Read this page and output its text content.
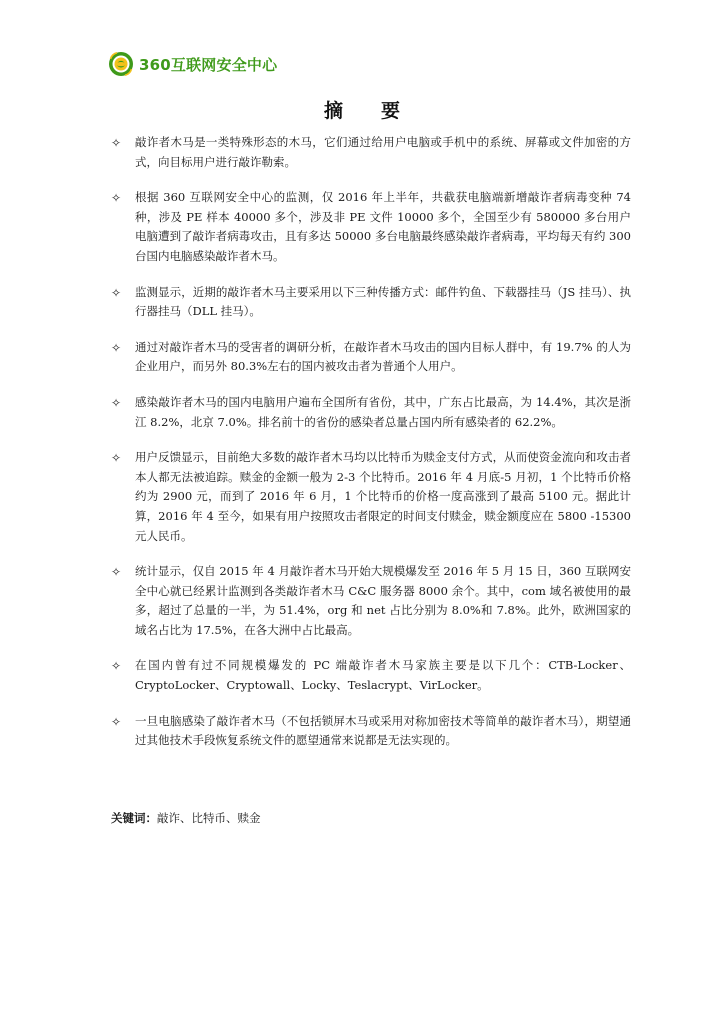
360互联网安全中心
摘要
✧	敲诈者木马是一类特殊形态的木马，它们通过给用户电脑或手机中的系统、屏幕或文件加密的方式，向目标用户进行敲诈勒索。
✧	根据 360 互联网安全中心的监测，仅 2016 年上半年，共截获电脑端新增敲诈者病毒变种 74 种，涉及 PE 样本 40000 多个，涉及非 PE 文件 10000 多个，全国至少有 580000 多台用户电脑遭到了敲诈者病毒攻击，且有多达 50000 多台电脑最终感染敲诈者病毒，平均每天有约 300 台国内电脑感染敲诈者木马。
✧	监测显示，近期的敲诈者木马主要采用以下三种传播方式：邮件钓鱼、下载器挂马（JS 挂马）、执行器挂马（DLL 挂马）。
✧	通过对敲诈者木马的受害者的调研分析，在敲诈者木马攻击的国内目标人群中，有 19.7% 的人为企业用户，而另外 80.3%左右的国内被攻击者为普通个人用户。
✧	感染敲诈者木马的国内电脑用户遍布全国所有省份，其中，广东占比最高，为 14.4%，其次是浙江 8.2%，北京 7.0%。排名前十的省份的感染者总量占国内所有感染者的 62.2%。
✧	用户反馈显示，目前绝大多数的敲诈者木马均以比特币为赎金支付方式，从而使资金流向和攻击者本人都无法被追踪。赎金的金额一般为 2-3 个比特币。2016 年 4 月底-5 月初，1 个比特币价格约为 2900 元，而到了 2016 年 6 月，1 个比特币的价格一度高涨到了最高 5100 元。据此计算，2016 年 4 至今，如果有用户按照攻击者限定的时间支付赎金，赎金额度应在 5800 -15300 元人民币。
✧	统计显示，仅自 2015 年 4 月敲诈者木马开始大规模爆发至 2016 年 5 月 15 日，360 互联网安全中心就已经累计监测到各类敲诈者木马 C&C 服务器 8000 余个。其中，com 域名被使用的最多，超过了总量的一半，为 51.4%，org 和 net 占比分别为 8.0%和 7.8%。此外，欧洲国家的域名占比为 17.5%，在各大洲中占比最高。
✧	在国内曾有过不同规模爆发的 PC 端敲诈者木马家族主要是以下几个：CTB-Locker、CryptoLocker、Cryptowall、Locky、Teslacrypt、VirLocker。
✧	一旦电脑感染了敲诈者木马（不包括锁屏木马或采用对称加密技术等简单的敲诈者木马），期望通过其他技术手段恢复系统文件的愿望通常来说都是无法实现的。
关键词：敲诈、比特币、赎金
